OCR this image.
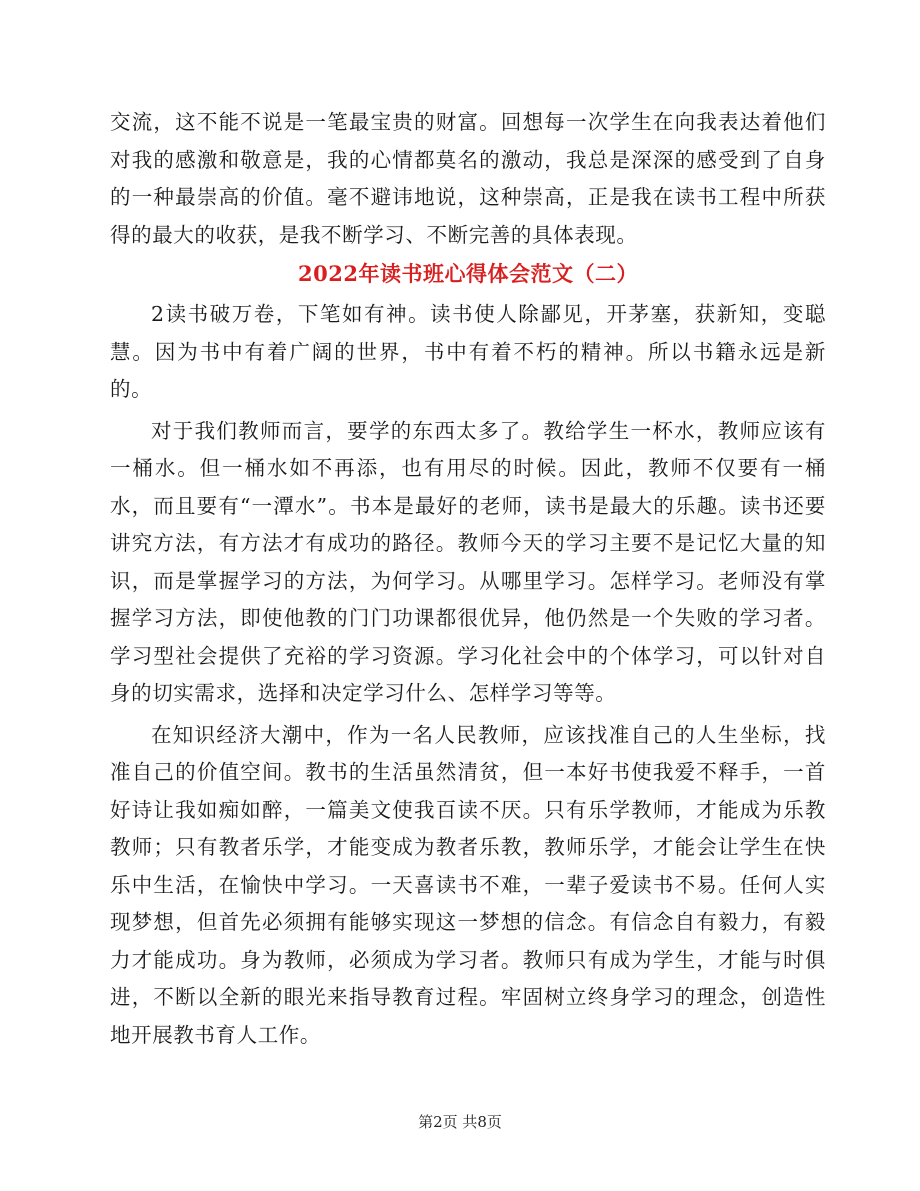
交流，这不能不说是一笔最宝贵的财富。回想每一次学生在向我表达着他们对我的感激和敬意是，我的心情都莫名的激动，我总是深深的感受到了自身的一种最崇高的价值。毫不避讳地说，这种崇高，正是我在读书工程中所获得的最大的收获，是我不断学习、不断完善的具体表现。

2022年读书班心得体会范文（二）

2读书破万卷，下笔如有神。读书使人除鄙见，开茅塞，获新知，变聪慧。因为书中有着广阔的世界，书中有着不朽的精神。所以书籍永远是新的。

对于我们教师而言，要学的东西太多了。教给学生一杯水，教师应该有一桶水。但一桶水如不再添，也有用尽的时候。因此，教师不仅要有一桶水，而且要有“一潭水”。书本是最好的老师，读书是最大的乐趣。读书还要讲究方法，有方法才有成功的路径。教师今天的学习主要不是记忆大量的知识，而是掌握学习的方法，为何学习。从哪里学习。怎样学习。老师没有掌握学习方法，即使他教的门门功课都很优异，他仍然是一个失败的学习者。学习型社会提供了充裕的学习资源。学习化社会中的个体学习，可以针对自身的切实需求，选择和决定学习什么、怎样学习等等。

在知识经济大潮中，作为一名人民教师，应该找准自己的人生坐标，找准自己的价值空间。教书的生活虽然清贫，但一本好书使我爱不释手，一首好诗让我如痴如醉，一篇美文使我百读不厌。只有乐学教师，才能成为乐教教师；只有教者乐学，才能变成为教者乐教，教师乐学，才能会让学生在快乐中生活，在愉快中学习。一天喜读书不难，一辈子爱读书不易。任何人实现梦想，但首先必须拥有能够实现这一梦想的信念。有信念自有毅力，有毅力才能成功。身为教师，必须成为学习者。教师只有成为学生，才能与时俱进，不断以全新的眼光来指导教育过程。牢固树立终身学习的理念，创造性地开展教书育人工作。

第2页 共8页
